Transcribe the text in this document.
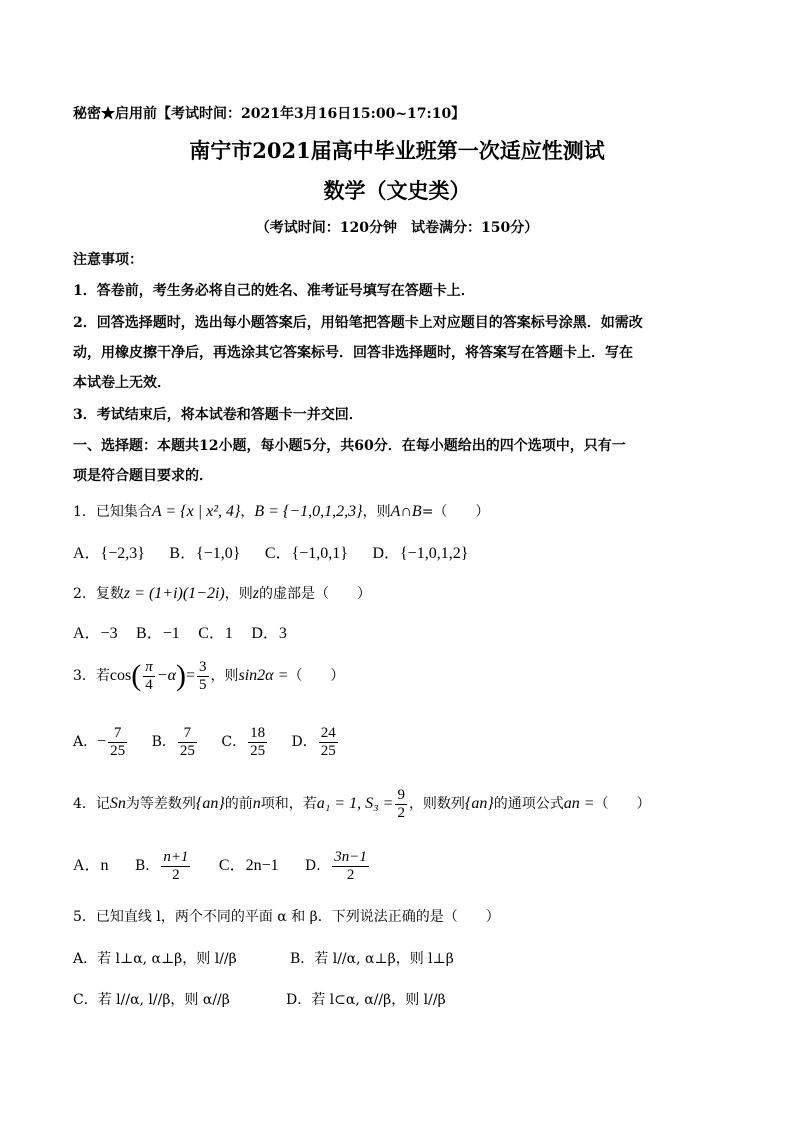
秘密★启用前【考试时间：2021年3月16日15:00~17:10】
南宁市2021届高中毕业班第一次适应性测试
数学（文史类）
（考试时间：120分钟　试卷满分：150分）
注意事项：
1．答卷前，考生务必将自己的姓名、准考证号填写在答题卡上．
2．回答选择题时，选出每小题答案后，用铅笔把答题卡上对应题目的答案标号涂黑．如需改
动，用橡皮擦干净后，再选涂其它答案标号．回答非选择题时，将答案写在答题卡上．写在
本试卷上无效．
3．考试结束后，将本试卷和答题卡一并交回．
一、选择题：本题共12小题，每小题5分，共60分．在每小题给出的四个选项中，只有一
项是符合题目要求的．
1．已知集合A = {x | x², 4}，B = {−1,0,1,2,3}，则A∩B=（　　）
A．{−2,3} B．{−1,0} C．{−1,0,1} D．{−1,0,1,2}
2．复数z = (1+i)(1−2i)，则z的虚部是（　　）
A．−3 B．−1 C．1 D．3
3．若$\cos( \frac{\pi}{4} -\alpha)= \frac{3}{5}$ ，则sin2α =（　　）
A．− $\frac{7}{25}$ B． $\frac{7}{25}$ C． $\frac{18}{25}$ D． $\frac{24}{25}$
4．记Sn为等差数列{an}的前n项和，若a₁ = 1, $S_3 = \frac{9}{2}$ ，则数列{an}的通项公式an =（　　）
A．n B． $\frac{n+1}{2}$ C．2n−1 D． $\frac{3n-1}{2}$
5．已知直线 l，两个不同的平面 α 和 β．下列说法正确的是（　　）
A．若 l⊥α, α⊥β，则 l//β	B．若 l//α, α⊥β，则 l⊥β
C．若 l//α, l//β，则 α//β	D．若 l⊂α, α//β，则 l//β
